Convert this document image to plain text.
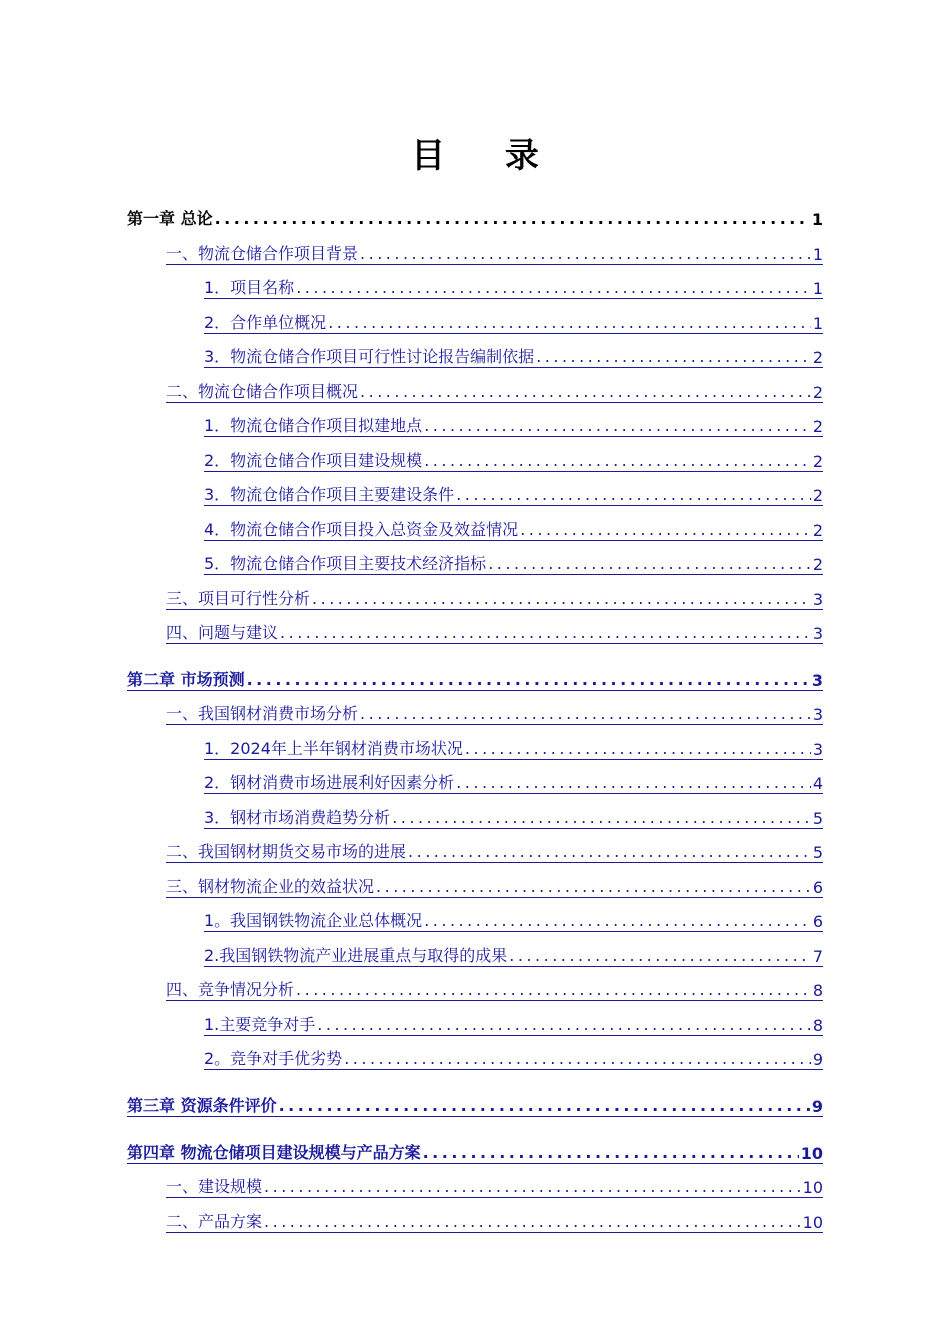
目 录
第一章 总论 .....	1
一、物流仓储合作项目背景 .....	1
1．项目名称 .....	1
2．合作单位概况 .....	1
3．物流仓储合作项目可行性讨论报告编制依据 .....	2
二、物流仓储合作项目概况 .....	2
1．物流仓储合作项目拟建地点 .....	2
2．物流仓储合作项目建设规模 .....	2
3．物流仓储合作项目主要建设条件 .....	2
4．物流仓储合作项目投入总资金及效益情况 .....	2
5．物流仓储合作项目主要技术经济指标 .....	2
三、项目可行性分析 .....	3
四、问题与建议 .....	3
第二章 市场预测 .....	3
一、我国钢材消费市场分析 .....	3
1．2024年上半年钢材消费市场状况 .....	3
2．钢材消费市场进展利好因素分析 .....	4
3．钢材市场消费趋势分析 .....	5
二、我国钢材期货交易市场的进展 .....	5
三、钢材物流企业的效益状况 .....	6
1。我国钢铁物流企业总体概况 .....	6
2.我国钢铁物流产业进展重点与取得的成果 .....	7
四、竞争情况分析 .....	8
1.主要竞争对手 .....	8
2。竞争对手优劣势 .....	9
第三章 资源条件评价 .....	9
第四章 物流仓储项目建设规模与产品方案 .....	10
一、建设规模 .....	10
二、产品方案 .....	10
